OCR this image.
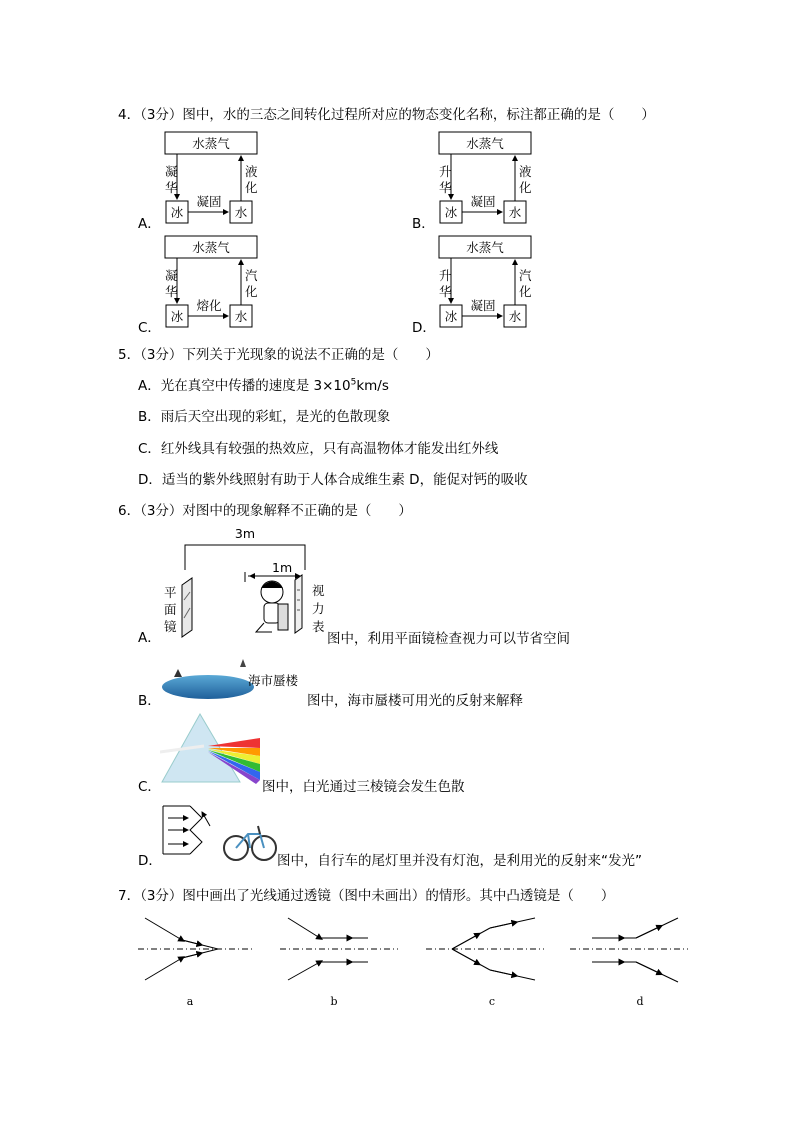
4．（3分）图中，水的三态之间转化过程所对应的物态变化名称，标注都正确的是（　　）
A．
水蒸气
冰	水
凝
华
液
化
凝固
B．
水蒸气
冰	水
升
华
液
化
凝固
C．
水蒸气
冰	水
凝
华
汽
化
熔化
D．
水蒸气
冰	水
升
华
汽
化
凝固
5．（3分）下列关于光现象的说法不正确的是（　　）
A．光在真空中传播的速度是 $3\times 10^5km/s$
B．雨后天空出现的彩虹，是光的色散现象
C．红外线具有较强的热效应，只有高温物体才能发出红外线
D．适当的紫外线照射有助于人体合成维生素 D，能促对钙的吸收
6．（3分）对图中的现象解释不正确的是（　　）
A．
3m
1m
平
面
镜
视
力
表
图中，利用平面镜检查视力可以节省空间
B．
海市蜃楼
图中，海市蜃楼可用光的反射来解释
C．	图中，白光通过三棱镜会发生色散
D．	图中，自行车的尾灯里并没有灯泡，是利用光的反射来“发光”
7．（3分）图中画出了光线通过透镜（图中未画出）的情形。其中凸透镜是（　　）
a	b	c	d
